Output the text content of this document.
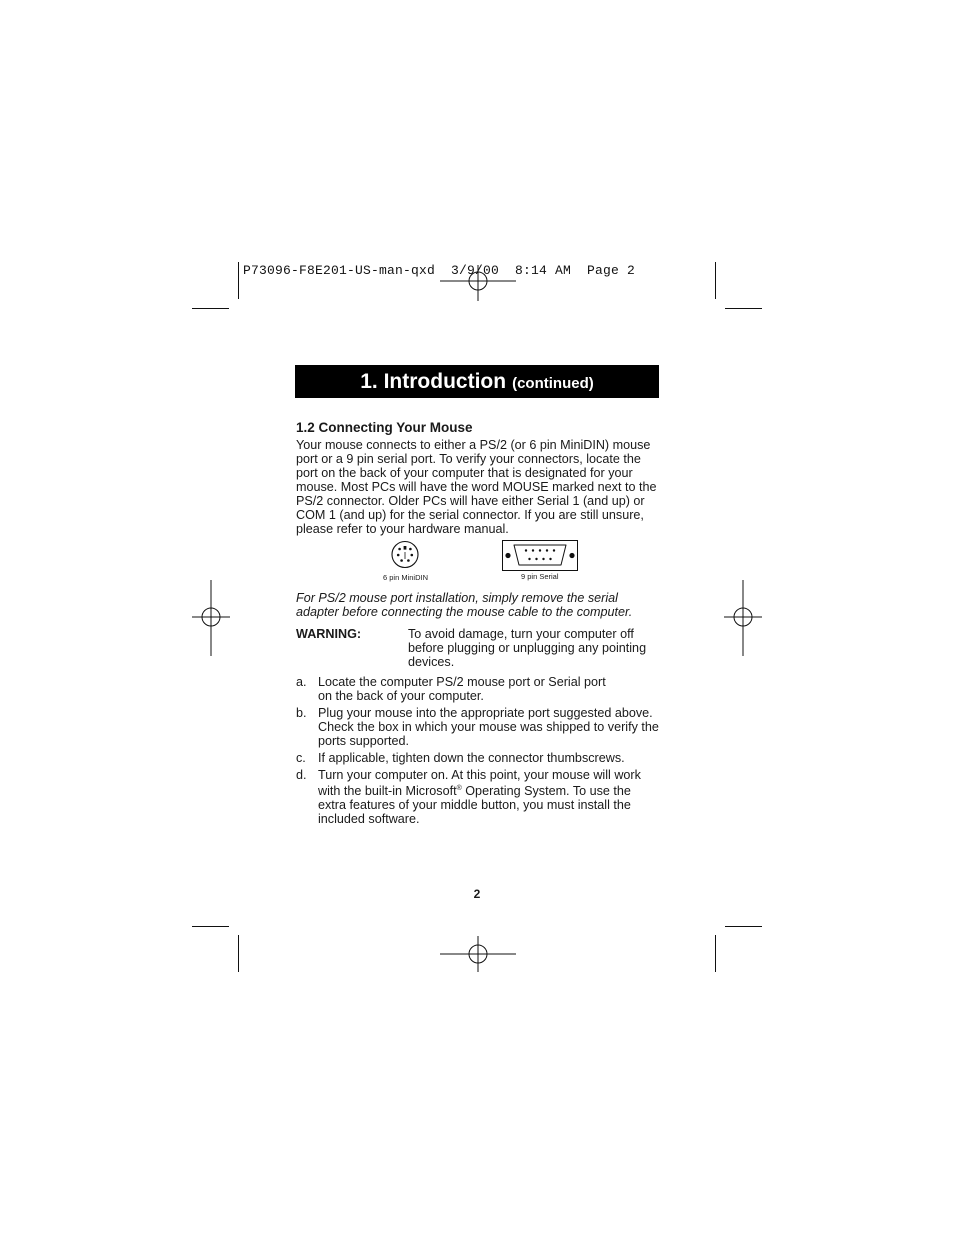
P73096-F8E201-US-man-qxd  3/9/00  8:14 AM  Page 2
1. Introduction (continued)
1.2 Connecting Your Mouse

Your mouse connects to either a PS/2 (or 6 pin MiniDIN) mouse port or a 9 pin serial port. To verify your connectors, locate the port on the back of your computer that is designated for your mouse. Most PCs will have the word MOUSE marked next to the PS/2 connector. Older PCs will have either Serial 1 (and up) or COM 1 (and up) for the serial connector. If you are still unsure, please refer to your hardware manual.

6 pin MiniDIN	9 pin Serial

For PS/2 mouse port installation, simply remove the serial adapter before connecting the mouse cable to the computer.

WARNING:	To avoid damage, turn your computer off before plugging or unplugging any pointing devices.
a. Locate the computer PS/2 mouse port or Serial port on the back of your computer.
b. Plug your mouse into the appropriate port suggested above. Check the box in which your mouse was shipped to verify the ports supported.
c. If applicable, tighten down the connector thumbscrews.
d. Turn your computer on. At this point, your mouse will work with the built-in Microsoft® Operating System. To use the extra features of your middle button, you must install the included software.
2
